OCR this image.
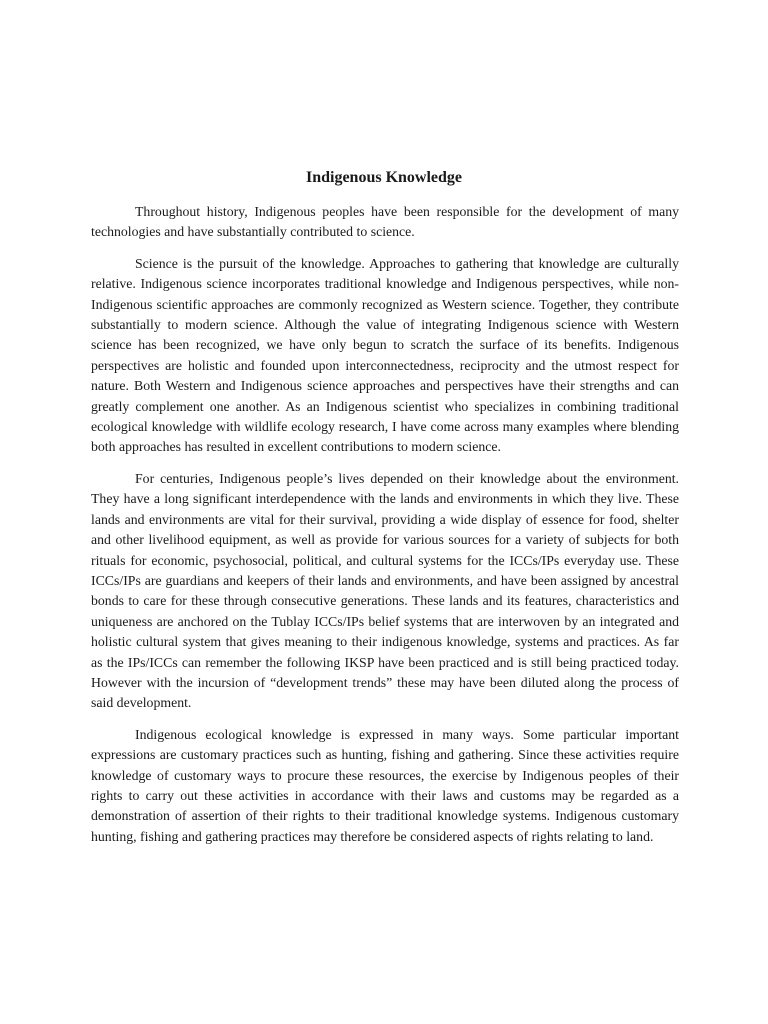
Indigenous Knowledge

Throughout history, Indigenous peoples have been responsible for the development of many technologies and have substantially contributed to science.

Science is the pursuit of the knowledge. Approaches to gathering that knowledge are culturally relative. Indigenous science incorporates traditional knowledge and Indigenous perspectives, while non-Indigenous scientific approaches are commonly recognized as Western science. Together, they contribute substantially to modern science. Although the value of integrating Indigenous science with Western science has been recognized, we have only begun to scratch the surface of its benefits. Indigenous perspectives are holistic and founded upon interconnectedness, reciprocity and the utmost respect for nature. Both Western and Indigenous science approaches and perspectives have their strengths and can greatly complement one another. As an Indigenous scientist who specializes in combining traditional ecological knowledge with wildlife ecology research, I have come across many examples where blending both approaches has resulted in excellent contributions to modern science.

For centuries, Indigenous people’s lives depended on their knowledge about the environment. They have a long significant interdependence with the lands and environments in which they live. These lands and environments are vital for their survival, providing a wide display of essence for food, shelter and other livelihood equipment, as well as provide for various sources for a variety of subjects for both rituals for economic, psychosocial, political, and cultural systems for the ICCs/IPs everyday use. These ICCs/IPs are guardians and keepers of their lands and environments, and have been assigned by ancestral bonds to care for these through consecutive generations. These lands and its features, characteristics and uniqueness are anchored on the Tublay ICCs/IPs belief systems that are interwoven by an integrated and holistic cultural system that gives meaning to their indigenous knowledge, systems and practices. As far as the IPs/ICCs can remember the following IKSP have been practiced and is still being practiced today. However with the incursion of “development trends” these may have been diluted along the process of said development.

Indigenous ecological knowledge is expressed in many ways. Some particular important expressions are customary practices such as hunting, fishing and gathering. Since these activities require knowledge of customary ways to procure these resources, the exercise by Indigenous peoples of their rights to carry out these activities in accordance with their laws and customs may be regarded as a demonstration of assertion of their rights to their traditional knowledge systems. Indigenous customary hunting, fishing and gathering practices may therefore be considered aspects of rights relating to land.
